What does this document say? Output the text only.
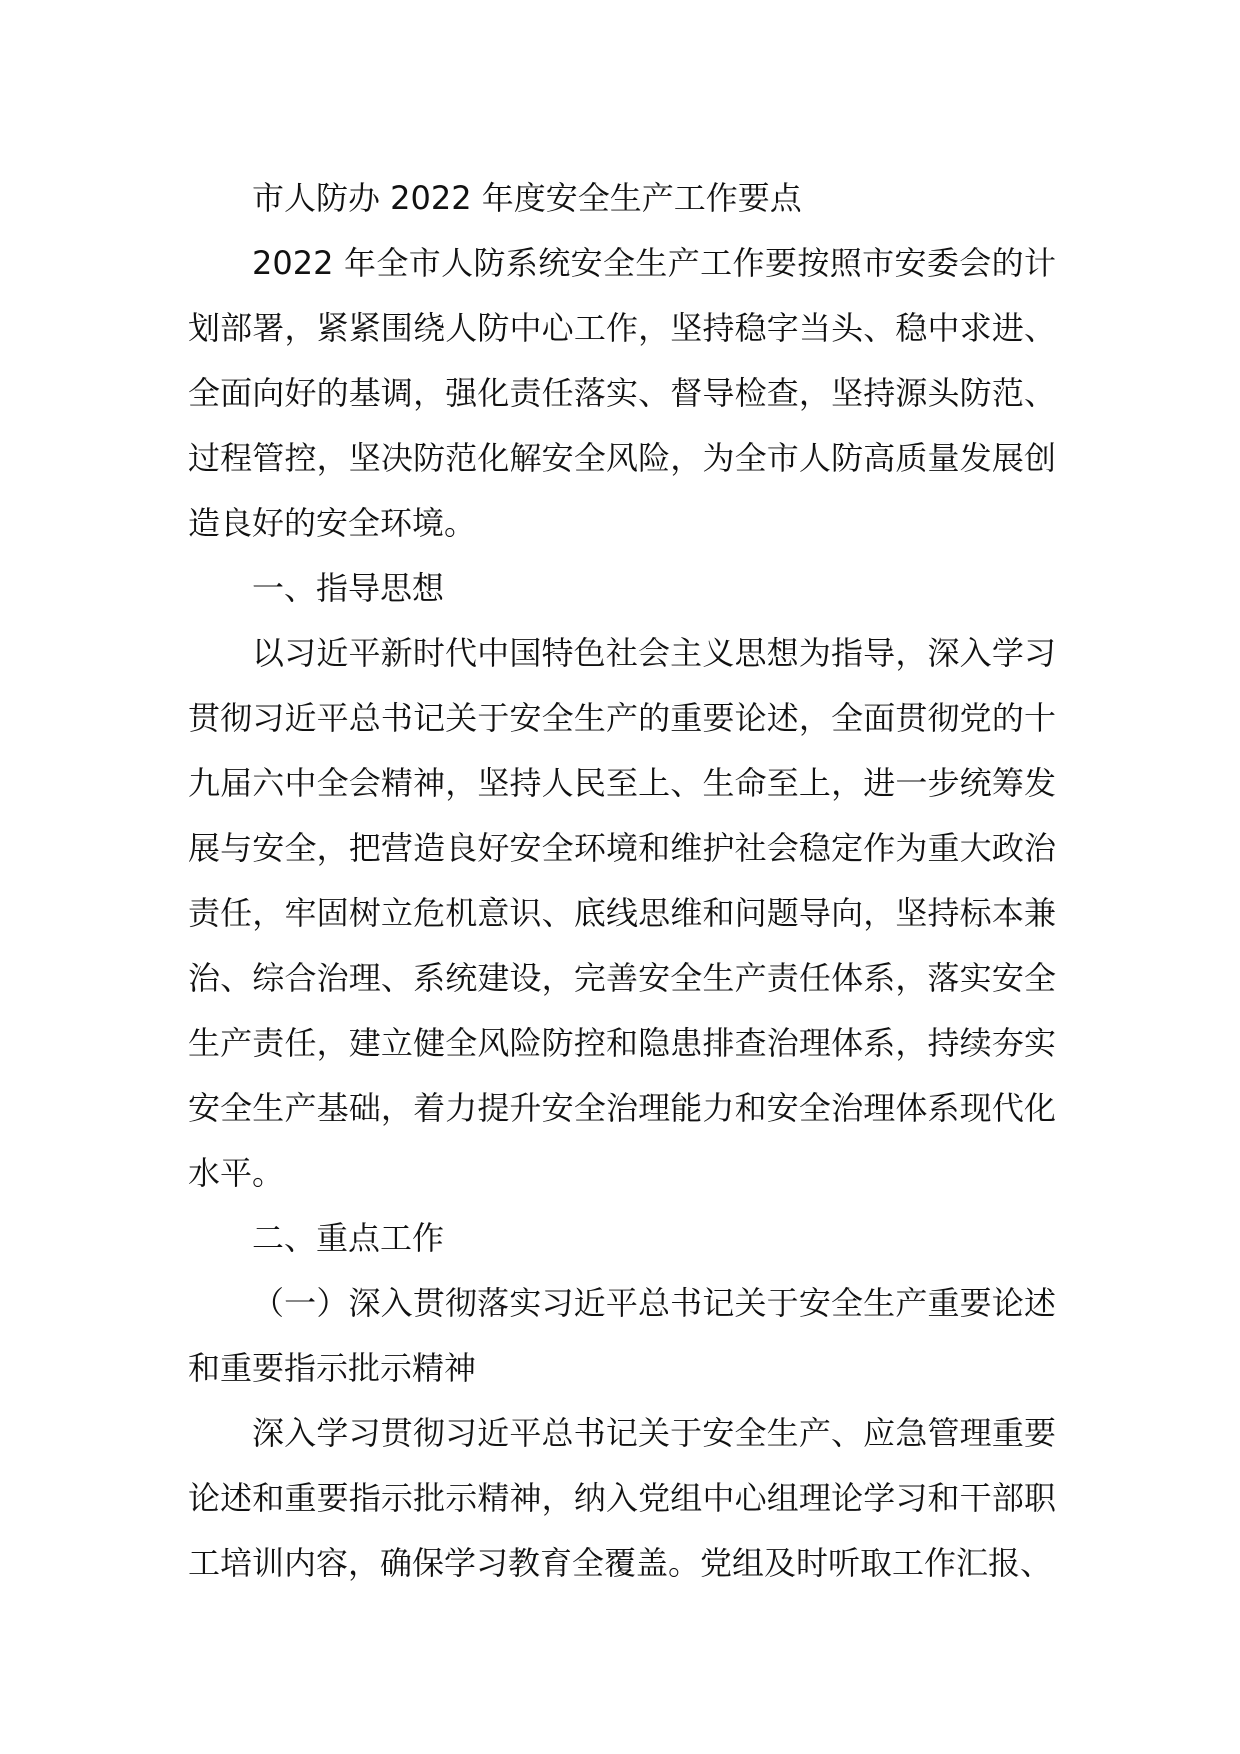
市人防办 2022 年度安全生产工作要点

2022 年全市人防系统安全生产工作要按照市安委会的计划部署，紧紧围绕人防中心工作，坚持稳字当头、稳中求进、全面向好的基调，强化责任落实、督导检查，坚持源头防范、过程管控，坚决防范化解安全风险，为全市人防高质量发展创造良好的安全环境。

一、指导思想

以习近平新时代中国特色社会主义思想为指导，深入学习贯彻习近平总书记关于安全生产的重要论述，全面贯彻党的十九届六中全会精神，坚持人民至上、生命至上，进一步统筹发展与安全，把营造良好安全环境和维护社会稳定作为重大政治责任，牢固树立危机意识、底线思维和问题导向，坚持标本兼治、综合治理、系统建设，完善安全生产责任体系，落实安全生产责任，建立健全风险防控和隐患排查治理体系，持续夯实安全生产基础，着力提升安全治理能力和安全治理体系现代化水平。

二、重点工作

（一）深入贯彻落实习近平总书记关于安全生产重要论述和重要指示批示精神

深入学习贯彻习近平总书记关于安全生产、应急管理重要论述和重要指示批示精神，纳入党组中心组理论学习和干部职工培训内容，确保学习教育全覆盖。党组及时听取工作汇报、
